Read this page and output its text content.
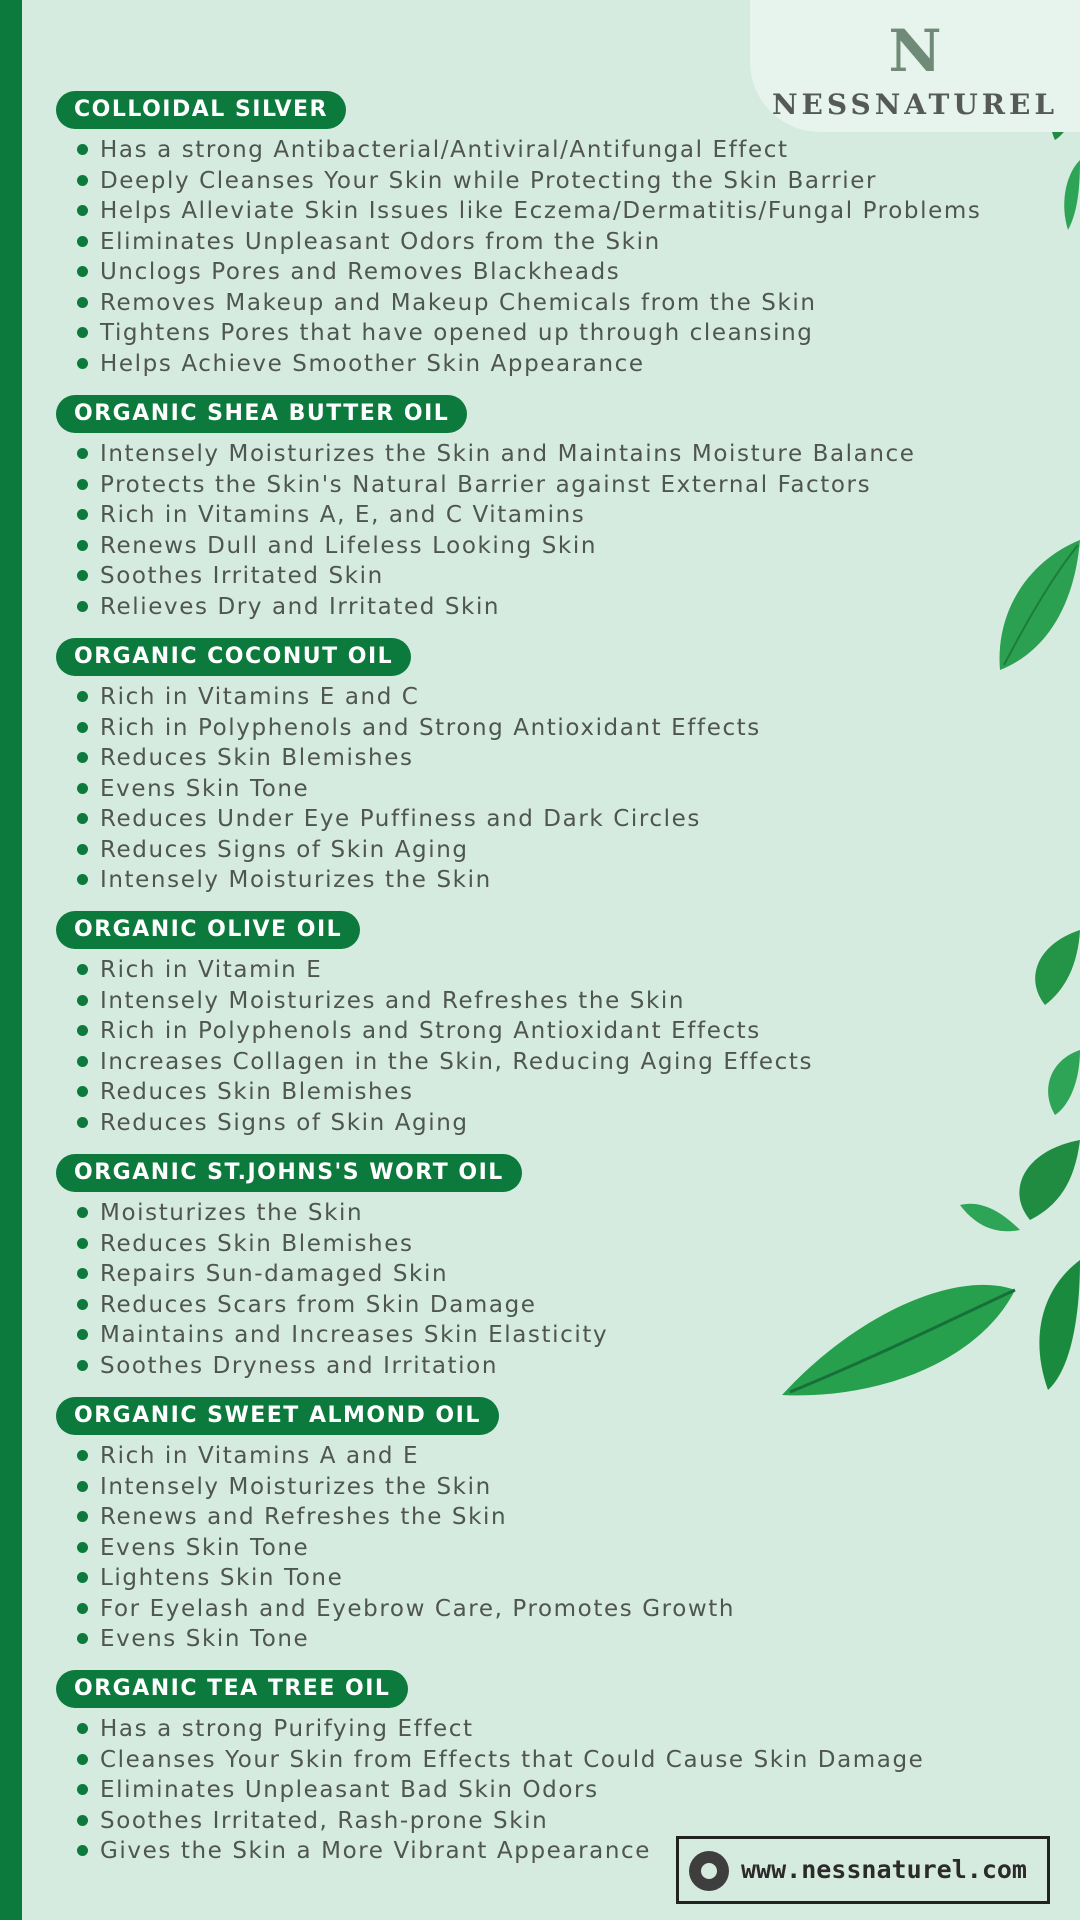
N
NESSNATUREL
COLLOIDAL SILVER
Has a strong Antibacterial/Antiviral/Antifungal Effect
Deeply Cleanses Your Skin while Protecting the Skin Barrier
Helps Alleviate Skin Issues like Eczema/Dermatitis/Fungal Problems
Eliminates Unpleasant Odors from the Skin
Unclogs Pores and Removes Blackheads
Removes Makeup and Makeup Chemicals from the Skin
Tightens Pores that have opened up through cleansing
Helps Achieve Smoother Skin Appearance
ORGANIC SHEA BUTTER OIL
Intensely Moisturizes the Skin and Maintains Moisture Balance
Protects the Skin's Natural Barrier against External Factors
Rich in Vitamins A, E, and C Vitamins
Renews Dull and Lifeless Looking Skin
Soothes Irritated Skin
Relieves Dry and Irritated Skin
ORGANIC COCONUT OIL
Rich in Vitamins E and C
Rich in Polyphenols and Strong Antioxidant Effects
Reduces Skin Blemishes
Evens Skin Tone
Reduces Under Eye Puffiness and Dark Circles
Reduces Signs of Skin Aging
Intensely Moisturizes the Skin
ORGANIC OLIVE OIL
Rich in Vitamin E
Intensely Moisturizes and Refreshes the Skin
Rich in Polyphenols and Strong Antioxidant Effects
Increases Collagen in the Skin, Reducing Aging Effects
Reduces Skin Blemishes
Reduces Signs of Skin Aging
ORGANIC ST.JOHNS'S WORT OIL
Moisturizes the Skin
Reduces Skin Blemishes
Repairs Sun-damaged Skin
Reduces Scars from Skin Damage
Maintains and Increases Skin Elasticity
Soothes Dryness and Irritation
ORGANIC SWEET ALMOND OIL
Rich in Vitamins A and E
Intensely Moisturizes the Skin
Renews and Refreshes the Skin
Evens Skin Tone
Lightens Skin Tone
For Eyelash and Eyebrow Care, Promotes Growth
Evens Skin Tone
ORGANIC TEA TREE OIL
Has a strong Purifying Effect
Cleanses Your Skin from Effects that Could Cause Skin Damage
Eliminates Unpleasant Bad Skin Odors
Soothes Irritated, Rash-prone Skin
Gives the Skin a More Vibrant Appearance
www.nessnaturel.com
